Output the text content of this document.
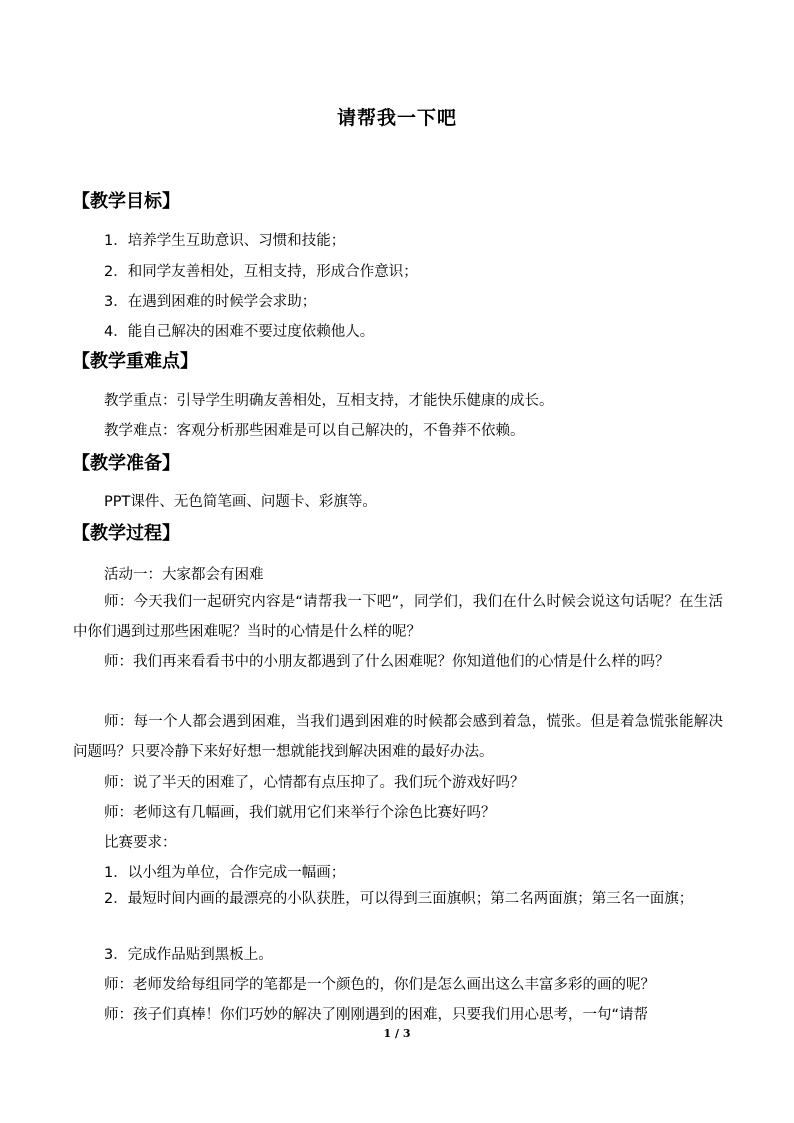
请帮我一下吧
【教学目标】
1．培养学生互助意识、习惯和技能；
2．和同学友善相处，互相支持，形成合作意识；
3．在遇到困难的时候学会求助；
4．能自己解决的困难不要过度依赖他人。
【教学重难点】
教学重点：引导学生明确友善相处，互相支持，才能快乐健康的成长。
教学难点：客观分析那些困难是可以自己解决的，不鲁莽不依赖。
【教学准备】
PPT课件、无色简笔画、问题卡、彩旗等。
【教学过程】
活动一：大家都会有困难
师：今天我们一起研究内容是“请帮我一下吧”，同学们，我们在什么时候会说这句话呢？在生活中你们遇到过那些困难呢？当时的心情是什么样的呢？
师：我们再来看看书中的小朋友都遇到了什么困难呢？你知道他们的心情是什么样的吗？
师：每一个人都会遇到困难，当我们遇到困难的时候都会感到着急，慌张。但是着急慌张能解决问题吗？只要冷静下来好好想一想就能找到解决困难的最好办法。
师：说了半天的困难了，心情都有点压抑了。我们玩个游戏好吗？
师：老师这有几幅画，我们就用它们来举行个涂色比赛好吗？
比赛要求：
1．以小组为单位，合作完成一幅画；
2．最短时间内画的最漂亮的小队获胜，可以得到三面旗帜；第二名两面旗；第三名一面旗；
3．完成作品贴到黑板上。
师：老师发给每组同学的笔都是一个颜色的，你们是怎么画出这么丰富多彩的画的呢？
师：孩子们真棒！你们巧妙的解决了刚刚遇到的困难，只要我们用心思考，一句“请帮
1 / 3
